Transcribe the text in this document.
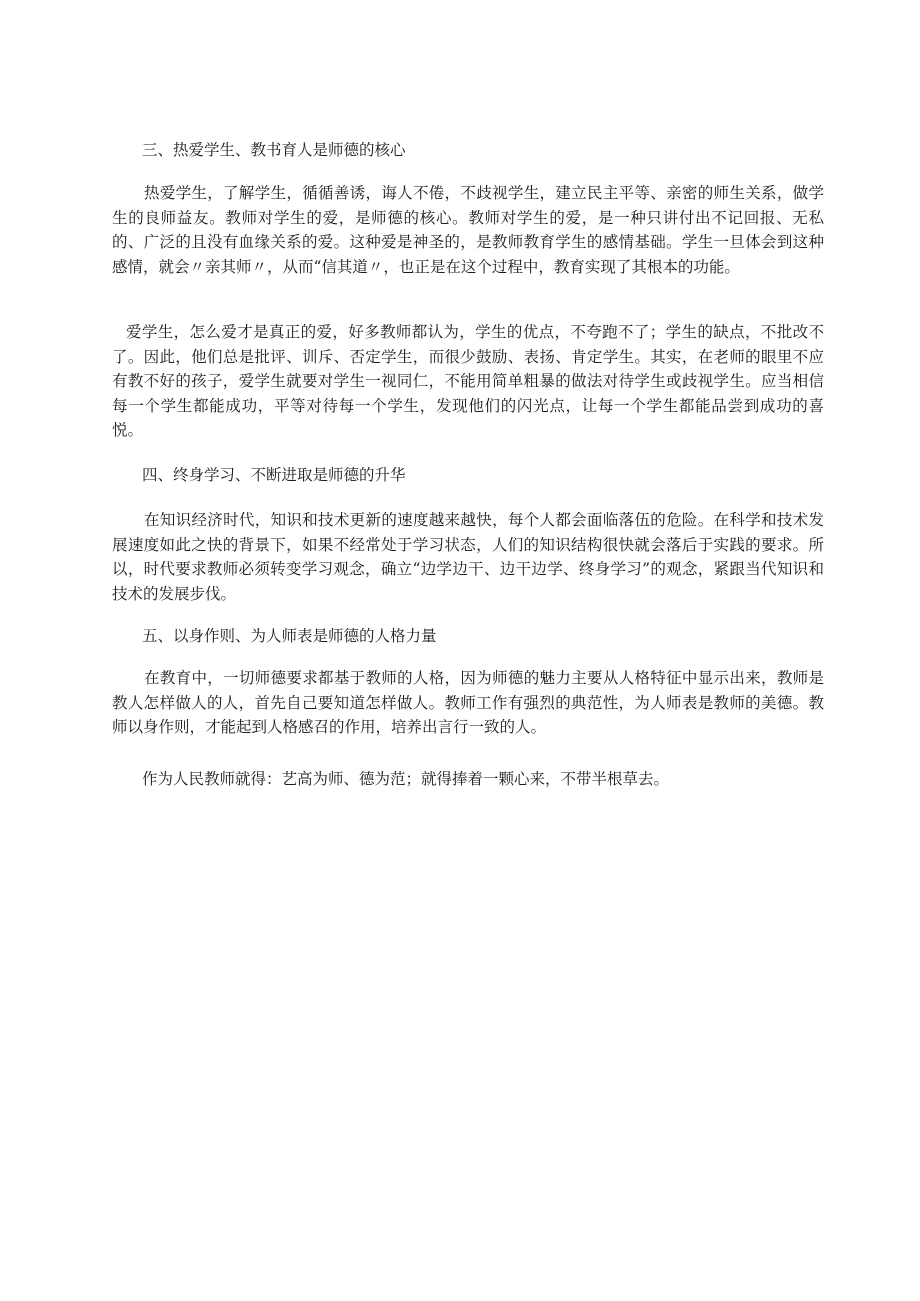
三、热爱学生、教书育人是师德的核心

热爱学生，了解学生，循循善诱，诲人不倦，不歧视学生，建立民主平等、亲密的师生关系，做学生的良师益友。教师对学生的爱，是师德的核心。教师对学生的爱，是一种只讲付出不记回报、无私的、广泛的且没有血缘关系的爱。这种爱是神圣的，是教师教育学生的感情基础。学生一旦体会到这种感情，就会〃亲其师〃，从而“信其道〃，也正是在这个过程中，教育实现了其根本的功能。

爱学生，怎么爱才是真正的爱，好多教师都认为，学生的优点，不夸跑不了；学生的缺点，不批改不了。因此，他们总是批评、训斥、否定学生，而很少鼓励、表扬、肯定学生。其实，在老师的眼里不应有教不好的孩子，爱学生就要对学生一视同仁，不能用简单粗暴的做法对待学生或歧视学生。应当相信每一个学生都能成功，平等对待每一个学生，发现他们的闪光点，让每一个学生都能品尝到成功的喜悦。

四、终身学习、不断进取是师德的升华

在知识经济时代，知识和技术更新的速度越来越快，每个人都会面临落伍的危险。在科学和技术发展速度如此之快的背景下，如果不经常处于学习状态，人们的知识结构很快就会落后于实践的要求。所以，时代要求教师必须转变学习观念，确立“边学边干、边干边学、终身学习”的观念，紧跟当代知识和技术的发展步伐。

五、以身作则、为人师表是师德的人格力量

在教育中，一切师德要求都基于教师的人格，因为师德的魅力主要从人格特征中显示出来，教师是教人怎样做人的人，首先自己要知道怎样做人。教师工作有强烈的典范性，为人师表是教师的美德。教师以身作则，才能起到人格感召的作用，培养出言行一致的人。

作为人民教师就得：艺高为师、德为范；就得捧着一颗心来，不带半根草去。
